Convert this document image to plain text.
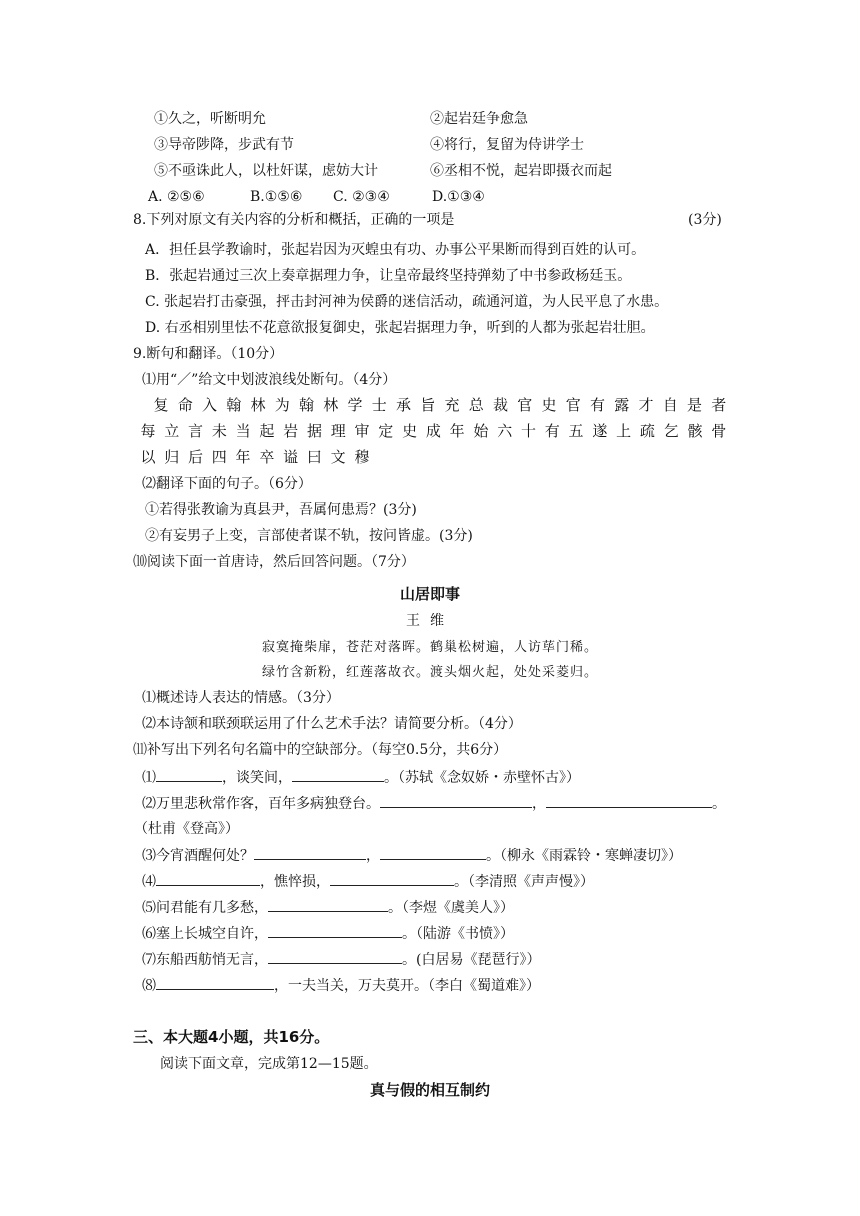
①久之，听断明允	②起岩廷争愈急
③导帝陟降，步武有节	④将行，复留为侍讲学士
⑤不亟诛此人，以杜奸谋，虑妨大计	⑥丞相不悦，起岩即摄衣而起
A. ②⑤⑥	B.①⑤⑥ C. ②③④	D.①③④
8.下列对原文有关内容的分析和概括，正确的一项是	(3分)
A．担任县学教谕时，张起岩因为灭蝗虫有功、办事公平果断而得到百姓的认可。
B．张起岩通过三次上奏章据理力争，让皇帝最终坚持弹劾了中书参政杨廷玉。
C. 张起岩打击豪强，抨击封河神为侯爵的迷信活动，疏通河道，为人民平息了水患。
D. 右丞相别里怯不花意欲报复御史，张起岩据理力争，听到的人都为张起岩壮胆。
9.断句和翻译。（10分）
⑴用“／”给文中划波浪线处断句。（4分）
复 命 入 翰 林 为 翰 林 学 士 承 旨 充 总 裁 官 史 官 有 露 才 自 是 者
每 立 言 未 当 起 岩 据 理 审 定 史 成 年 始 六 十 有 五 遂 上 疏 乞 骸 骨
以 归 后 四 年 卒 谥 曰 文 穆
⑵翻译下面的句子。（6分）
①若得张教谕为真县尹，吾属何患焉？(3分)
②有妄男子上变，言部使者谋不轨，按问皆虚。(3分)
⑽阅读下面一首唐诗，然后回答问题。（7分）
山居即事
王维
寂寞掩柴扉，苍茫对落晖。鹤巢松树遍，人访荜门稀。
绿竹含新粉，红莲落故衣。渡头烟火起，处处采菱归。
⑴概述诗人表达的情感。（3分）
⑵本诗颔和联颈联运用了什么艺术手法？请简要分析。（4分）
⑾补写出下列名句名篇中的空缺部分。（每空0.5分，共6分）
⑴	，谈笑间，	。（苏轼《念奴娇・赤壁怀古》）
⑵万里悲秋常作客，百年多病独登台。	，	。
（杜甫《登高》）
⑶今宵酒醒何处？	，	。（柳永《雨霖铃・寒蝉凄切》）
⑷	，憔悴损，	。（李清照《声声慢》）
⑸问君能有几多愁，	。（李煜《虞美人》）
⑹塞上长城空自许，	。（陆游《书愤》）
⑺东船西舫悄无言，	。(白居易《琵琶行》）
⑻	，一夫当关，万夫莫开。（李白《蜀道难》）
三、本大题4小题，共16分。
阅读下面文章，完成第12—15题。
真与假的相互制约
